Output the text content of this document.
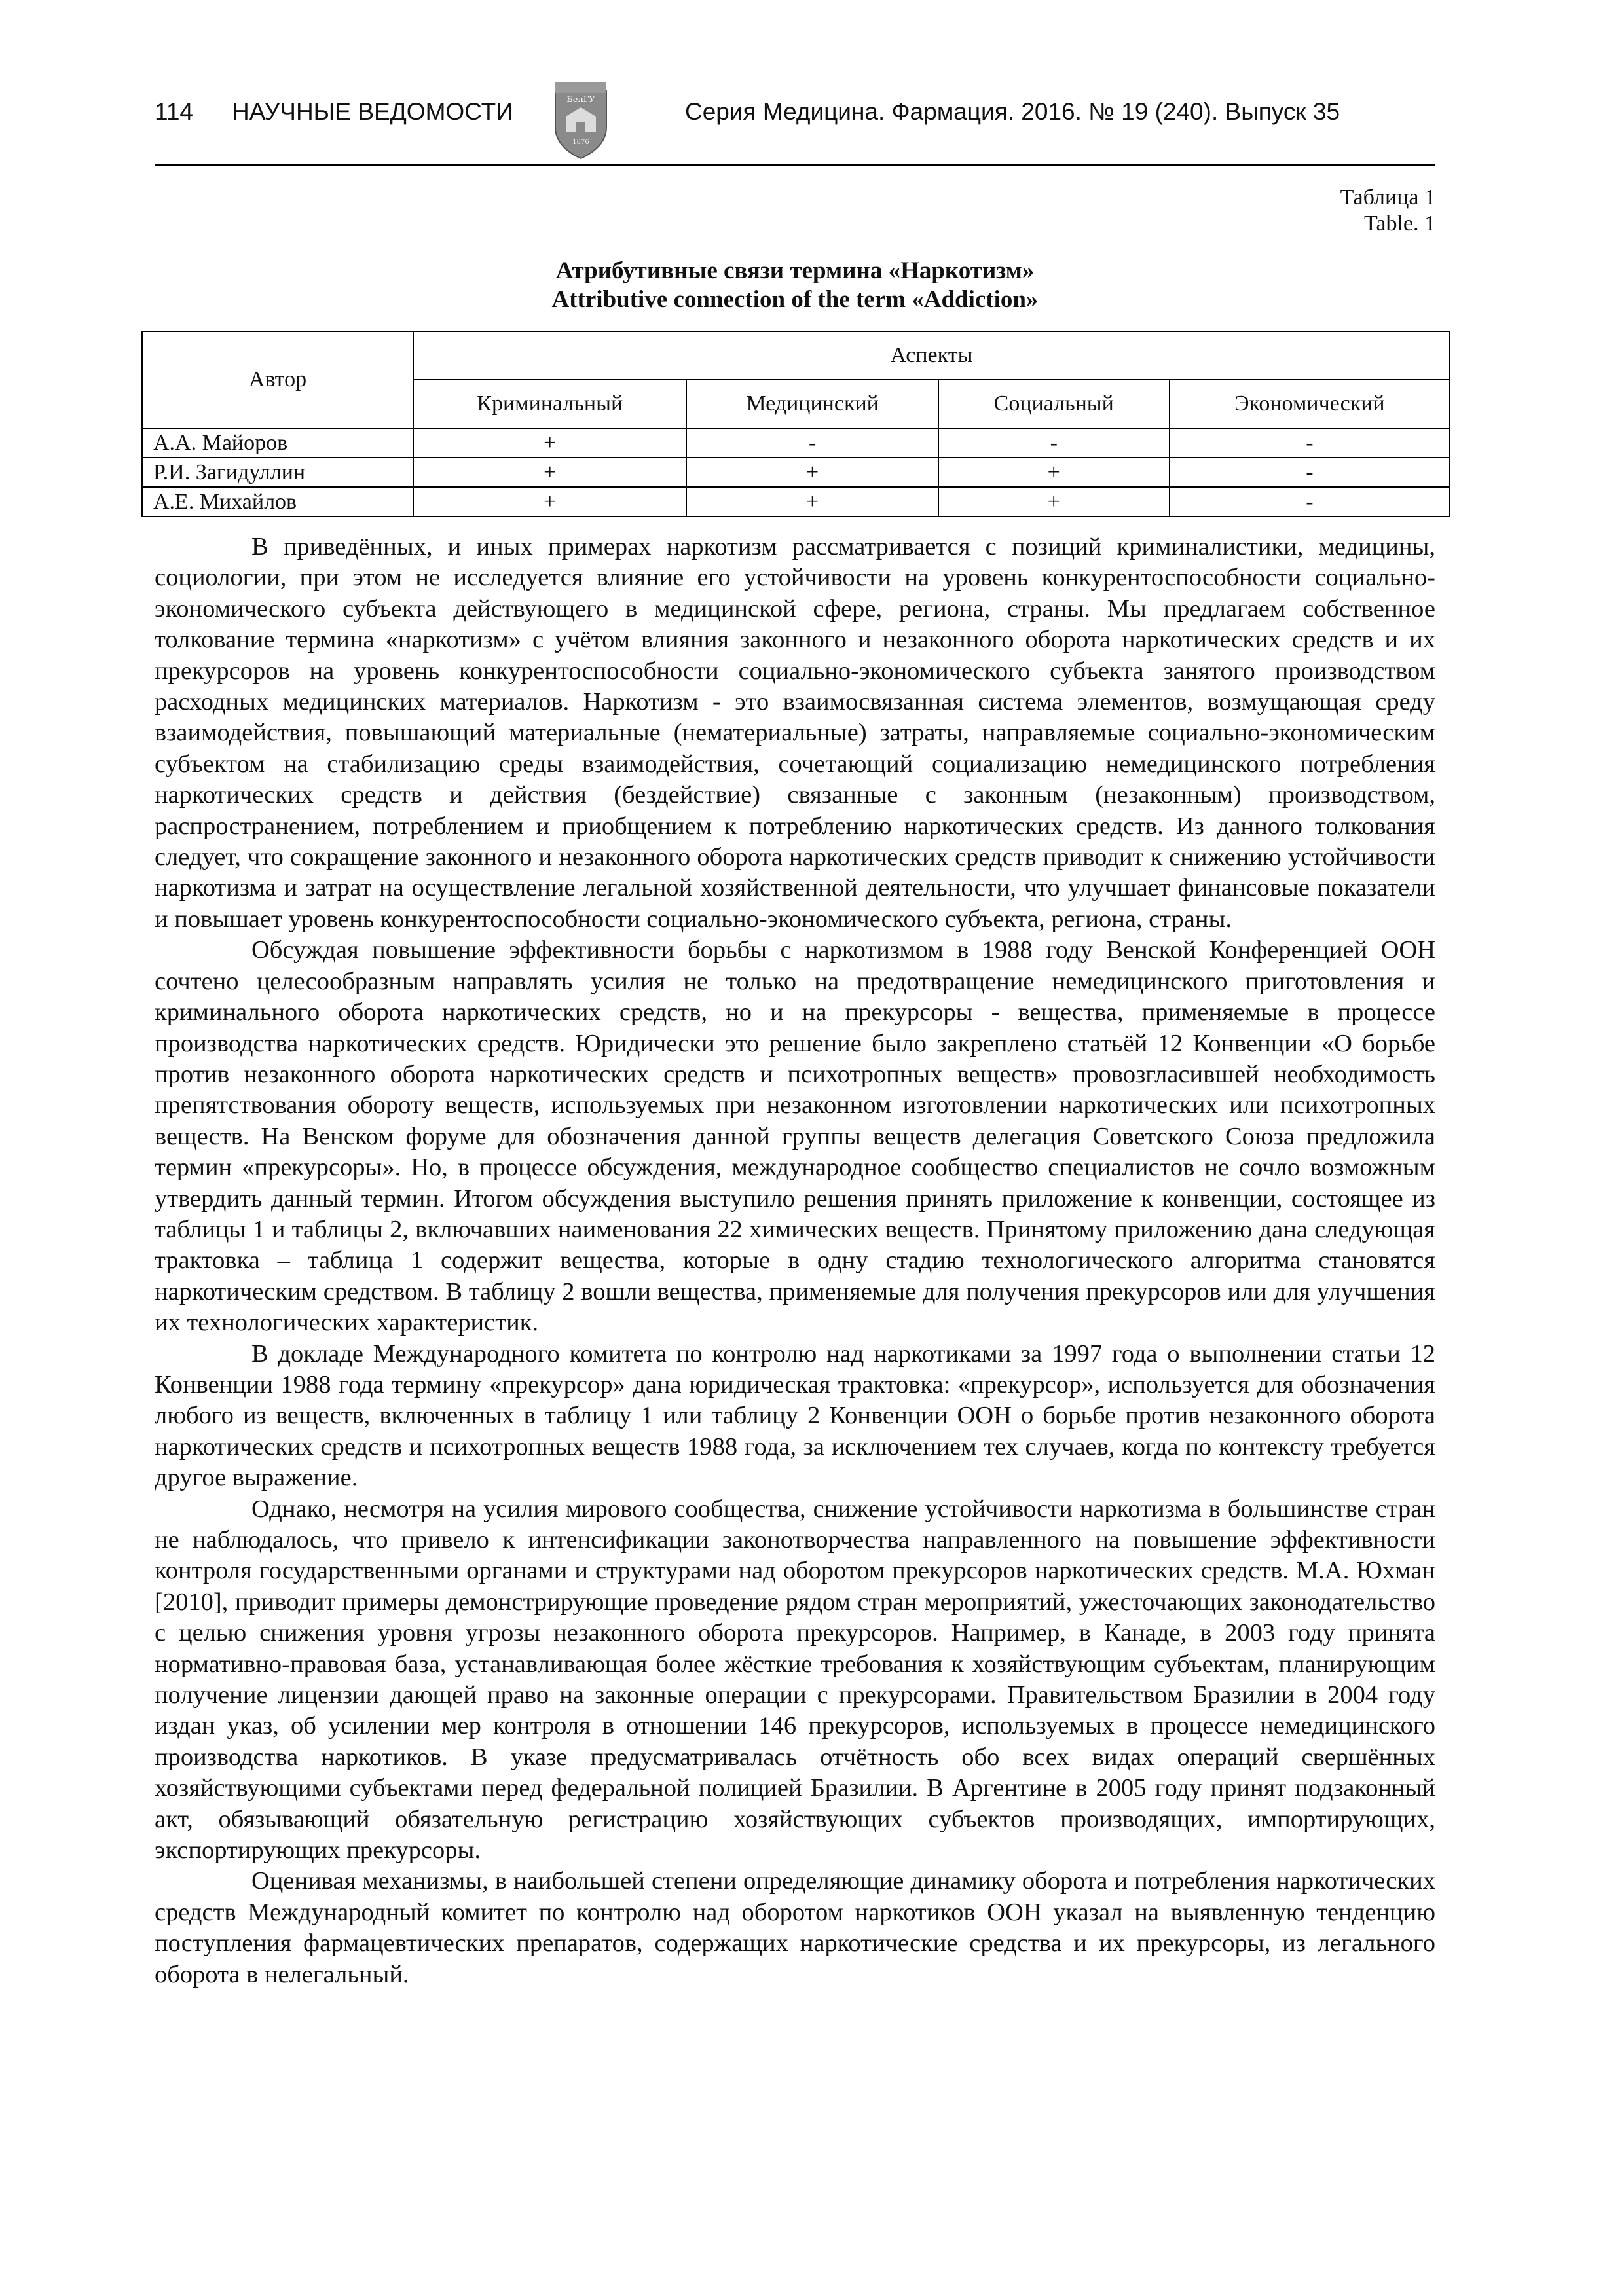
114 НАУЧНЫЕ ВЕДОМОСТИ	БелГУ
1876
Серия Медицина. Фармация. 2016. № 19 (240). Выпуск 35
Таблица 1
Table. 1
Атрибутивные связи термина «Наркотизм»
Attributive connection of the term «Addiction»
Автор	Аспекты			
	Криминальный	Медицинский	Социальный	Экономический
А.А. Майоров	+	-	-	-
Р.И. Загидуллин	+	+	+	-
А.Е. Михайлов	+	+	+	-

В приведённых, и иных примерах наркотизм рассматривается с позиций криминалистики, медицины, социологии, при этом не исследуется влияние его устойчивости на уровень конкурентоспособности социально-экономического субъекта действующего в медицинской сфере, региона, страны. Мы предлагаем собственное толкование термина «наркотизм» с учётом влияния законного и незаконного оборота наркотических средств и их прекурсоров на уровень конкурентоспособности социально-экономического субъекта занятого производством расходных медицинских материалов. Наркотизм - это взаимосвязанная система элементов, возмущающая среду взаимодействия, повышающий материальные (нематериальные) затраты, направляемые социально-экономическим субъектом на стабилизацию среды взаимодействия, сочетающий социализацию немедицинского потребления наркотических средств и действия (бездействие) связанные с законным (незаконным) производством, распространением, потреблением и приобщением к потреблению наркотических средств. Из данного толкования следует, что сокращение законного и незаконного оборота наркотических средств приводит к снижению устойчивости наркотизма и затрат на осуществление легальной хозяйственной деятельности, что улучшает финансовые показатели и повышает уровень конкурентоспособности социально-экономического субъекта, региона, страны.

Обсуждая повышение эффективности борьбы с наркотизмом в 1988 году Венской Конференцией ООН сочтено целесообразным направлять усилия не только на предотвращение немедицинского приготовления и криминального оборота наркотических средств, но и на прекурсоры - вещества, применяемые в процессе производства наркотических средств. Юридически это решение было закреплено статьёй 12 Конвенции «О борьбе против незаконного оборота наркотических средств и психотропных веществ» провозгласившей необходимость препятствования обороту веществ, используемых при незаконном изготовлении наркотических или психотропных веществ. На Венском форуме для обозначения данной группы веществ делегация Советского Союза предложила термин «прекурсоры». Но, в процессе обсуждения, международное сообщество специалистов не сочло возможным утвердить данный термин. Итогом обсуждения выступило решения принять приложение к конвенции, состоящее из таблицы 1 и таблицы 2, включавших наименования 22 химических веществ. Принятому приложению дана следующая трактовка – таблица 1 содержит вещества, которые в одну стадию технологического алгоритма становятся наркотическим средством. В таблицу 2 вошли вещества, применяемые для получения прекурсоров или для улучшения их технологических характеристик.

В докладе Международного комитета по контролю над наркотиками за 1997 года о выполнении статьи 12 Конвенции 1988 года термину «прекурсор» дана юридическая трактовка: «прекурсор», используется для обозначения любого из веществ, включенных в таблицу 1 или таблицу 2 Конвенции ООН о борьбе против незаконного оборота наркотических средств и психотропных веществ 1988 года, за исключением тех случаев, когда по контексту требуется другое выражение.

Однако, несмотря на усилия мирового сообщества, снижение устойчивости наркотизма в большинстве стран не наблюдалось, что привело к интенсификации законотворчества направленного на повышение эффективности контроля государственными органами и структурами над оборотом прекурсоров наркотических средств. М.А. Юхман [2010], приводит примеры демонстрирующие проведение рядом стран мероприятий, ужесточающих законодательство с целью снижения уровня угрозы незаконного оборота прекурсоров. Например, в Канаде, в 2003 году принята нормативно-правовая база, устанавливающая более жёсткие требования к хозяйствующим субъектам, планирующим получение лицензии дающей право на законные операции с прекурсорами. Правительством Бразилии в 2004 году издан указ, об усилении мер контроля в отношении 146 прекурсоров, используемых в процессе немедицинского производства наркотиков. В указе предусматривалась отчётность обо всех видах операций свершённых хозяйствующими субъектами перед федеральной полицией Бразилии. В Аргентине в 2005 году принят подзаконный акт, обязывающий обязательную регистрацию хозяйствующих субъектов производящих, импортирующих, экспортирующих прекурсоры.

Оценивая механизмы, в наибольшей степени определяющие динамику оборота и потребления наркотических средств Международный комитет по контролю над оборотом наркотиков ООН указал на выявленную тенденцию поступления фармацевтических препаратов, содержащих наркотические средства и их прекурсоры, из легального оборота в нелегальный.
